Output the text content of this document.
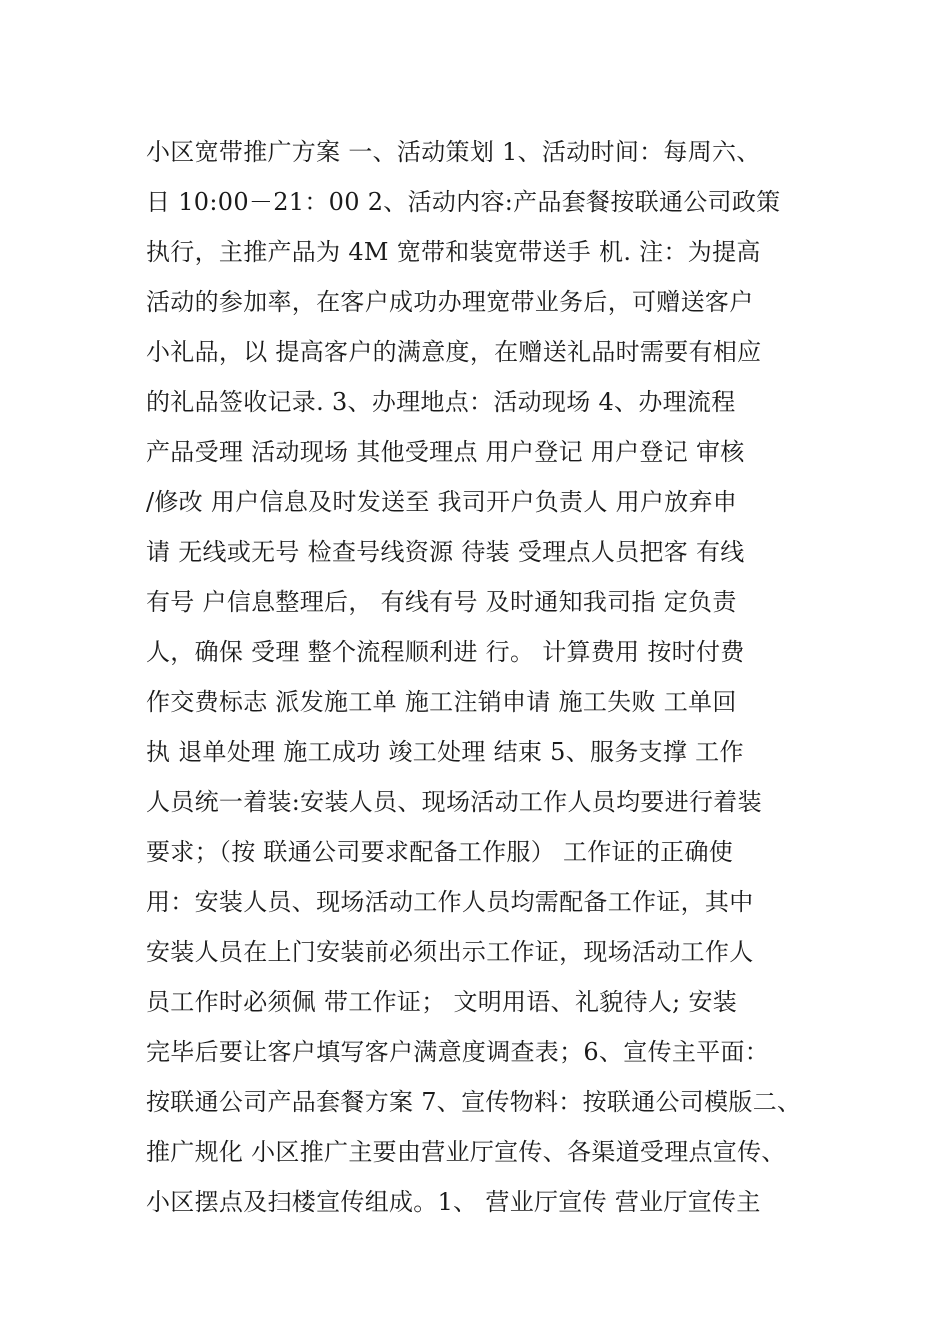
小区宽带推广方案 一、活动策划 1、活动时间：每周六、
日 10:00－21：00 2、活动内容:产品套餐按联通公司政策
执行，主推产品为 4M 宽带和装宽带送手 机. 注：为提高
活动的参加率，在客户成功办理宽带业务后，可赠送客户
小礼品，以 提高客户的满意度，在赠送礼品时需要有相应
的礼品签收记录. 3、办理地点：活动现场 4、办理流程
产品受理 活动现场 其他受理点 用户登记 用户登记 审核
/修改 用户信息及时发送至 我司开户负责人 用户放弃申
请 无线或无号 检查号线资源 待装 受理点人员把客 有线
有号 户信息整理后， 有线有号 及时通知我司指 定负责
人，确保 受理 整个流程顺利进 行。 计算费用 按时付费
作交费标志 派发施工单 施工注销申请 施工失败 工单回
执 退单处理 施工成功 竣工处理 结束 5、服务支撑 工作
人员统一着装:安装人员、现场活动工作人员均要进行着装
要求；（按 联通公司要求配备工作服） 工作证的正确使
用：安装人员、现场活动工作人员均需配备工作证，其中
安装人员在上门安装前必须出示工作证，现场活动工作人
员工作时必须佩 带工作证； 文明用语、礼貌待人; 安装
完毕后要让客户填写客户满意度调查表；6、宣传主平面：
按联通公司产品套餐方案 7、宣传物料：按联通公司模版二、
推广规化 小区推广主要由营业厅宣传、各渠道受理点宣传、
小区摆点及扫楼宣传组成。1、 营业厅宣传 营业厅宣传主
